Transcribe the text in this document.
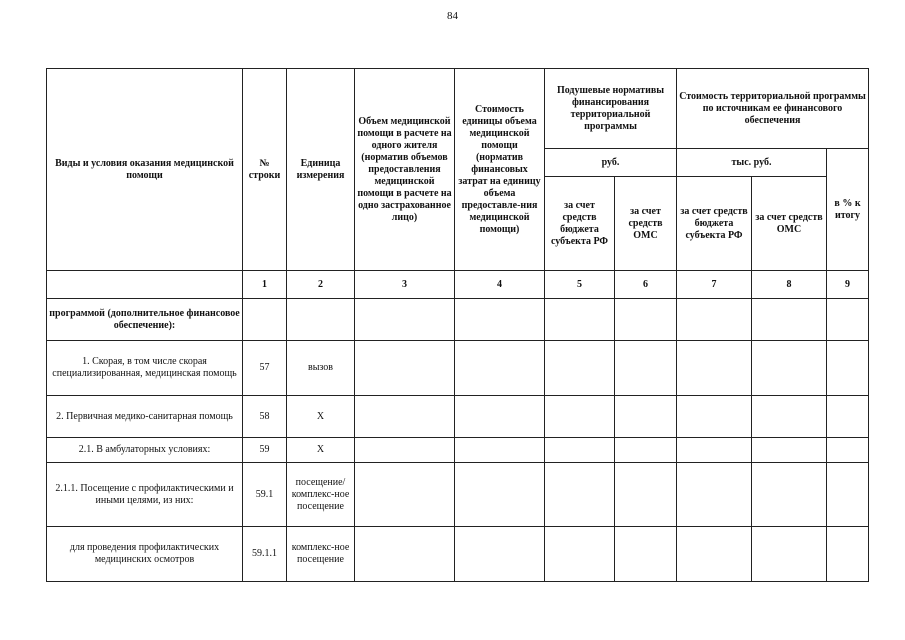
84
Виды и условия оказания медицинской помощи	№ строки	Единица измерения	Объем медицинской помощи в расчете на одного жителя (норматив объемов предоставления медицинской помощи в расчете на одно застрахованное лицо)	Стоимость единицы объема медицинской помощи (норматив финансовых затрат на единицу объема предоставле-ния медицинской помощи)	Подушевые нормативы финансирования территориальной программы		Стоимость территориальной программы по источникам ее финансового обеспечения		
					руб.		тыс. руб.		в % к итогу
					за счет средств бюджета субъекта РФ	за счет средств ОМС	за счет средств бюджета субъекта РФ	за счет средств ОМС	
	1	2	3	4	5	6	7	8	9
программой (дополнительное финансовое обеспечение):									
1. Скорая, в том числе скорая специализированная, медицинская помощь	57	вызов							
2. Первичная медико-санитарная помощь	58	Х							
2.1. В амбулаторных условиях:	59	Х							
2.1.1. Посещение с профилактическими и иными целями, из них:	59.1	посещение/ комплекс-ное посещение							
для проведения профилактических медицинских осмотров	59.1.1	комплекс-ное посещение							
